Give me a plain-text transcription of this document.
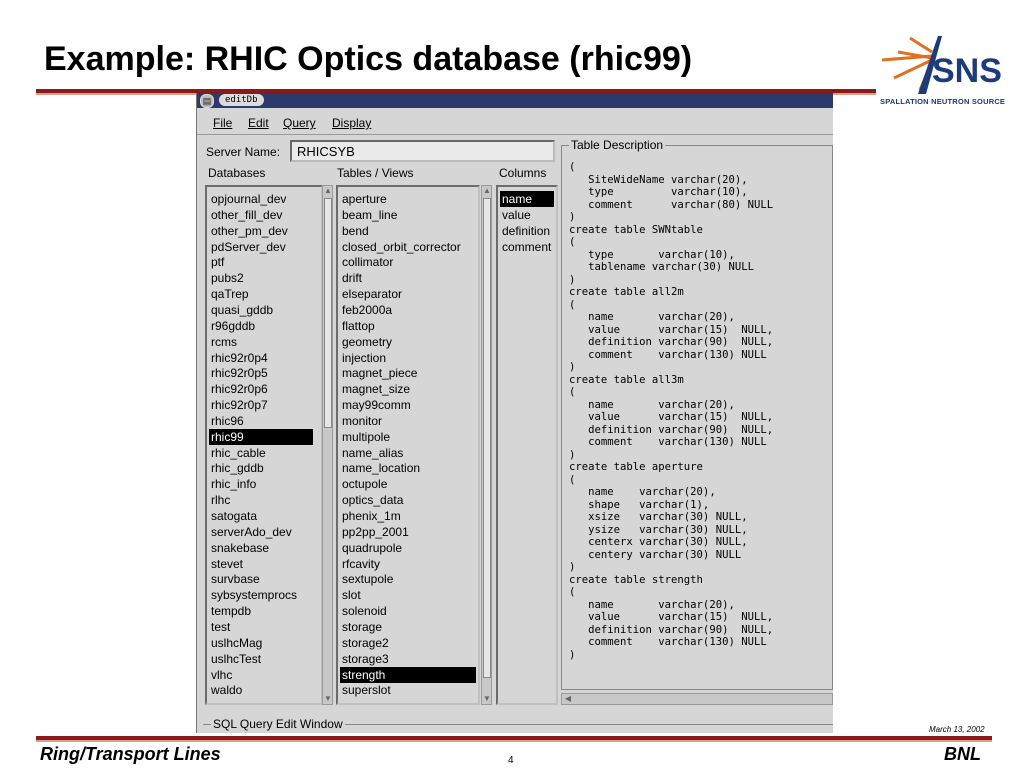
Example: RHIC Optics database (rhic99)	SNS
SPALLATION NEUTRON SOURCE
▤	editDb
File Edit Query Display
Server Name:	RHICSYB
Databases	Tables / Views	Columns
opjournal_dev
other_fill_dev
other_pm_dev
pdServer_dev
ptf
pubs2
qaTrep
quasi_gddb
r96gddb
rcms
rhic92r0p4
rhic92r0p5
rhic92r0p6
rhic92r0p7
rhic96
rhic99
rhic_cable
rhic_gddb
rhic_info
rlhc
satogata
serverAdo_dev
snakebase
stevet
survbase
sybsystemprocs
tempdb
test
uslhcMag
uslhcTest
vlhc
waldo
▲
▼
aperture
beam_line
bend
closed_orbit_corrector
collimator
drift
elseparator
feb2000a
flattop
geometry
injection
magnet_piece
magnet_size
may99comm
monitor
multipole
name_alias
name_location
octupole
optics_data
phenix_1m
pp2pp_2001
quadrupole
rfcavity
sextupole
slot
solenoid
storage
storage2
storage3
strength
superslot
▲
▼
name
value
definition
comment
Table Description
(
SiteWideName varchar(20),
type         varchar(10),
comment      varchar(80) NULL
)
create table SWNtable
(
type       varchar(10),
tablename varchar(30) NULL
)
create table all2m
(
name       varchar(20),
value      varchar(15)  NULL,
definition varchar(90)  NULL,
comment    varchar(130) NULL
)
create table all3m
(
name       varchar(20),
value      varchar(15)  NULL,
definition varchar(90)  NULL,
comment    varchar(130) NULL
)
create table aperture
(
name    varchar(20),
shape   varchar(1),
xsize   varchar(30) NULL,
ysize   varchar(30) NULL,
centerx varchar(30) NULL,
centery varchar(30) NULL
)
create table strength
(
name       varchar(20),
value      varchar(15)  NULL,
definition varchar(90)  NULL,
comment    varchar(130) NULL
)
◀
SQL Query Edit Window	March 13, 2002
Ring/Transport Lines	4	BNL
